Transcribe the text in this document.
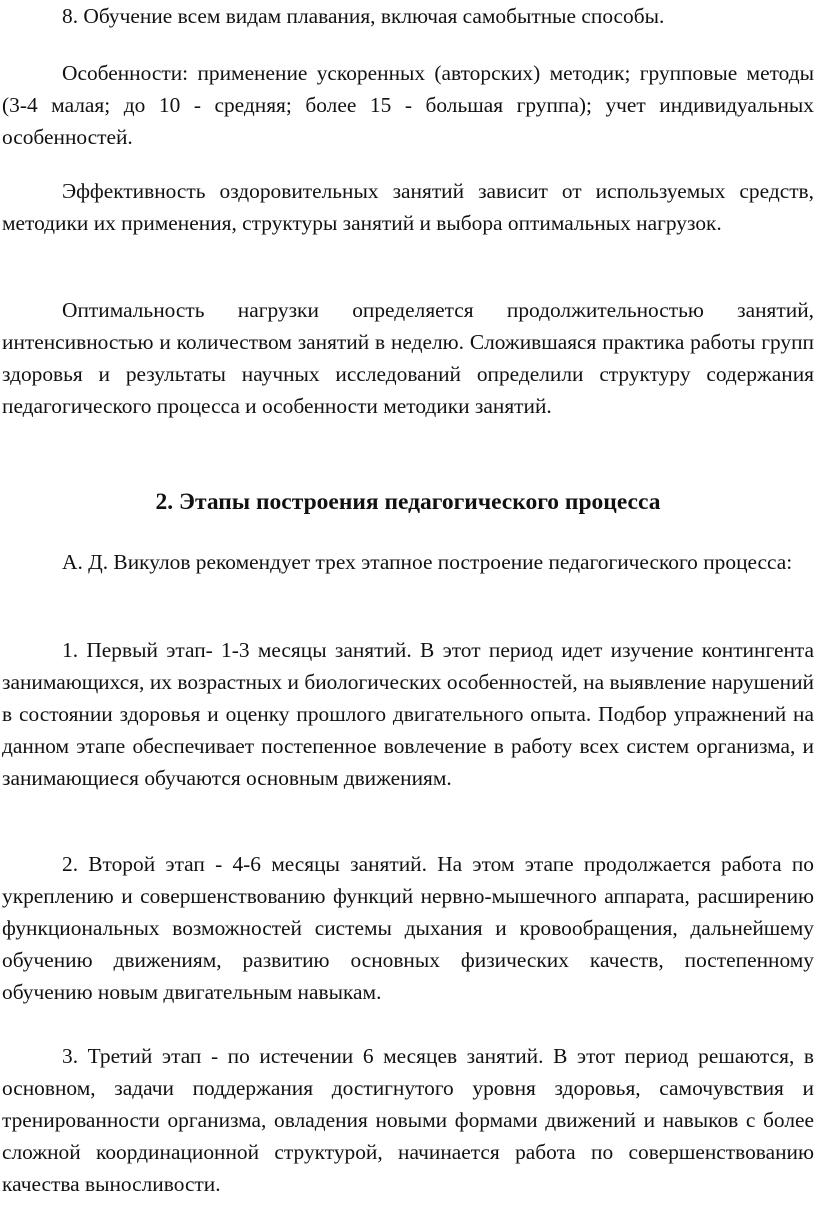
8. Обучение всем видам плавания, включая самобытные способы.

Особенности: применение ускоренных (авторских) методик; групповые методы (3-4 малая; до 10 - средняя; более 15 - большая группа); учет индивидуальных особенностей.

Эффективность оздоровительных занятий зависит от используемых средств, методики их применения, структуры занятий и выбора оптимальных нагрузок.

Оптимальность нагрузки определяется продолжительностью занятий, интенсивностью и количеством занятий в неделю. Сложившаяся практика работы групп здоровья и результаты научных исследований определили структуру содержания педагогического процесса и особенности методики занятий.

2. Этапы построения педагогического процесса

А. Д. Викулов рекомендует трех этапное построение педагогического процесса:

1. Первый этап- 1-3 месяцы занятий. В этот период идет изучение контингента занимающихся, их возрастных и биологических особенностей, на выявление нарушений в состоянии здоровья и оценку прошлого двигательного опыта. Подбор упражнений на данном этапе обеспечивает постепенное вовлечение в работу всех систем организма, и занимающиеся обучаются основным движениям.

2. Второй этап - 4-6 месяцы занятий. На этом этапе продолжается работа по укреплению и совершенствованию функций нервно-мышечного аппарата, расширению функциональных возможностей системы дыхания и кровообращения, дальнейшему обучению движениям, развитию основных физических качеств, постепенному обучению новым двигательным навыкам.

3. Третий этап - по истечении 6 месяцев занятий. В этот период решаются, в основном, задачи поддержания достигнутого уровня здоровья, самочувствия и тренированности организма, овладения новыми формами движений и навыков с более сложной координационной структурой, начинается работа по совершенствованию качества выносливости.
